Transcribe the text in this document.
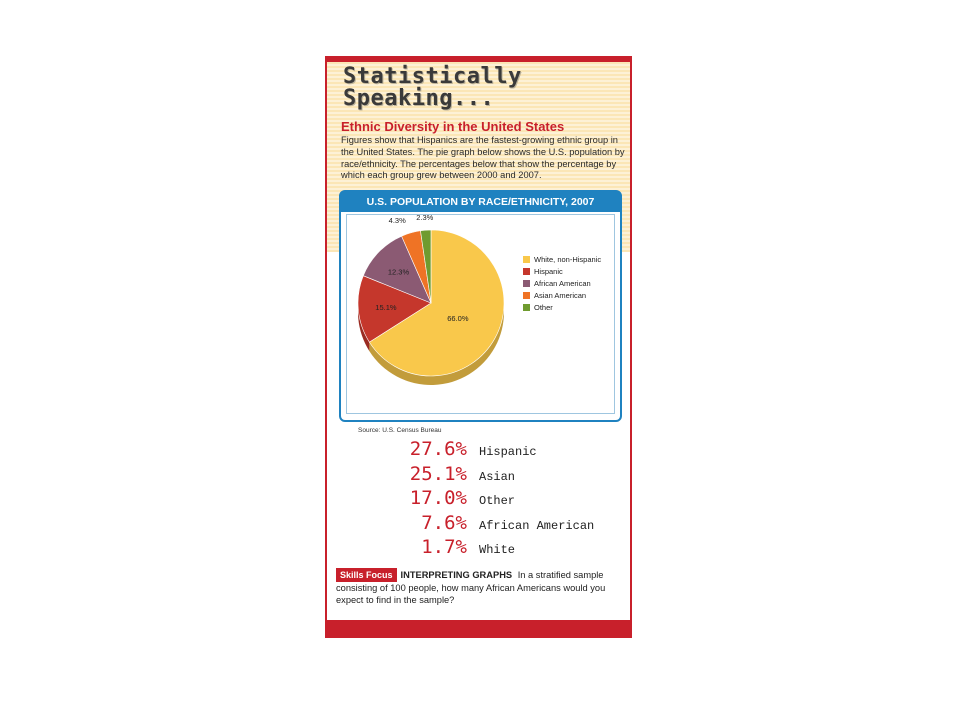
Statistically
Speaking...
Ethnic Diversity in the United States
Figures show that Hispanics are the fastest-growing ethnic group in the United States. The pie graph below shows the U.S. population by race/ethnicity. The percentages below that show the percentage by which each group grew between 2000 and 2007.
U.S. POPULATION BY RACE/ETHNICITY, 2007
66.0%
15.1%
12.3%
4.3% 2.3%
White, non-Hispanic
Hispanic
African American
Asian American
Other
Source: U.S. Census Bureau
27.6% Hispanic
25.1% Asian
17.0% Other
7.6% African American
1.7% White
Skills Focus INTERPRETING GRAPHS In a stratified sample consisting of 100 people, how many African Americans would you expect to find in the sample?
